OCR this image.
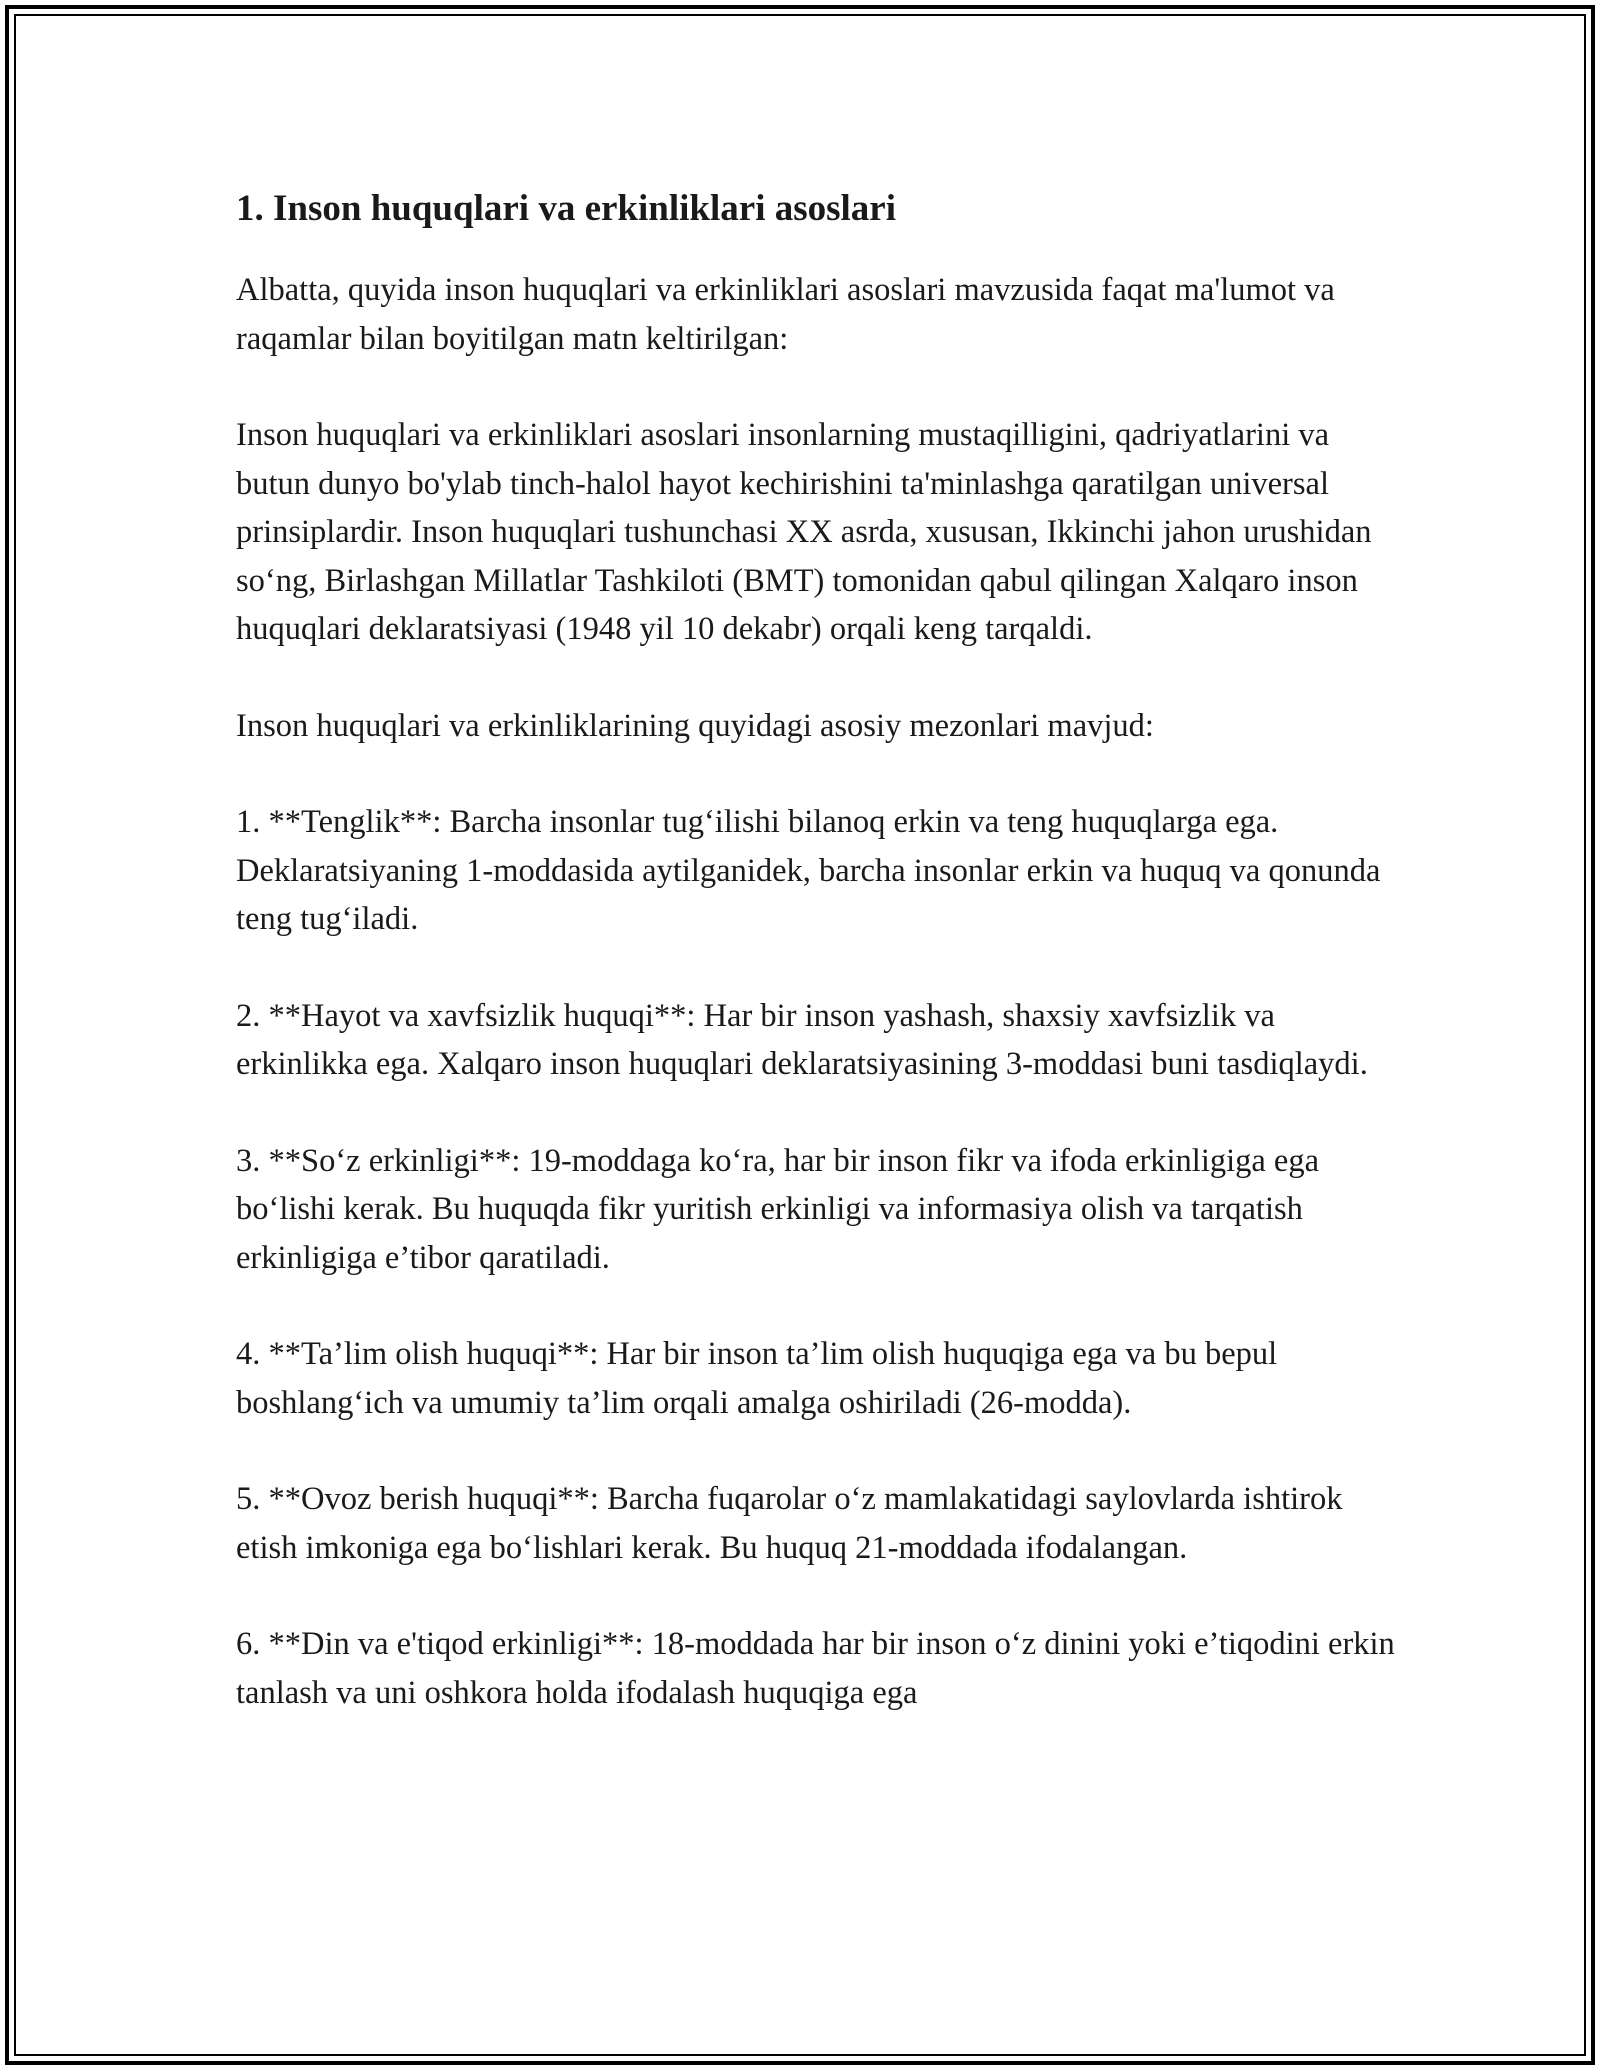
1. Inson huquqlari va erkinliklari asoslari

Albatta, quyida inson huquqlari va erkinliklari asoslari mavzusida faqat ma'lumot va raqamlar bilan boyitilgan matn keltirilgan:

Inson huquqlari va erkinliklari asoslari insonlarning mustaqilligini, qadriyatlarini va butun dunyo bo'ylab tinch-halol hayot kechirishini ta'minlashga qaratilgan universal prinsiplardir. Inson huquqlari tushunchasi XX asrda, xususan, Ikkinchi jahon urushidan so‘ng, Birlashgan Millatlar Tashkiloti (BMT) tomonidan qabul qilingan Xalqaro inson huquqlari deklaratsiyasi (1948 yil 10 dekabr) orqali keng tarqaldi.

Inson huquqlari va erkinliklarining quyidagi asosiy mezonlari mavjud:

1. **Tenglik**: Barcha insonlar tug‘ilishi bilanoq erkin va teng huquqlarga ega. Deklaratsiyaning 1-moddasida aytilganidek, barcha insonlar erkin va huquq va qonunda teng tug‘iladi.

2. **Hayot va xavfsizlik huquqi**: Har bir inson yashash, shaxsiy xavfsizlik va erkinlikka ega. Xalqaro inson huquqlari deklaratsiyasining 3-moddasi buni tasdiqlaydi.

3. **So‘z erkinligi**: 19-moddaga ko‘ra, har bir inson fikr va ifoda erkinligiga ega bo‘lishi kerak. Bu huquqda fikr yuritish erkinligi va informasiya olish va tarqatish erkinligiga e’tibor qaratiladi.

4. **Ta’lim olish huquqi**: Har bir inson ta’lim olish huquqiga ega va bu bepul boshlang‘ich va umumiy ta’lim orqali amalga oshiriladi (26-modda).

5. **Ovoz berish huquqi**: Barcha fuqarolar o‘z mamlakatidagi saylovlarda ishtirok etish imkoniga ega bo‘lishlari kerak. Bu huquq 21-moddada ifodalangan.

6. **Din va e'tiqod erkinligi**: 18-moddada har bir inson o‘z dinini yoki e’tiqodini erkin tanlash va uni oshkora holda ifodalash huquqiga ega
